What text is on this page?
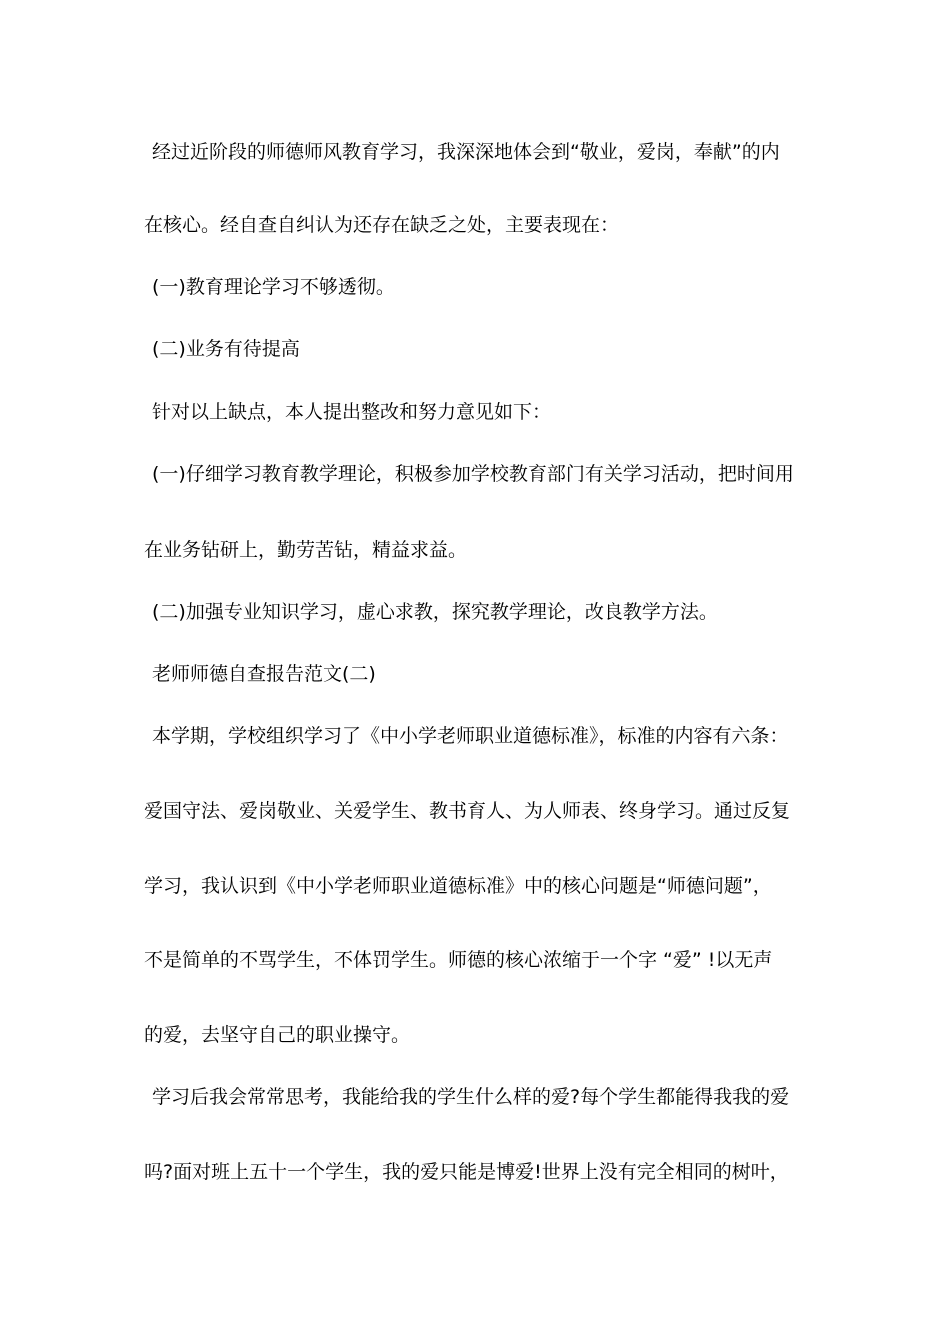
经过近阶段的师德师风教育学习，我深深地体会到“敬业，爱岗，奉献”的内
在核心。经自查自纠认为还存在缺乏之处，主要表现在：
(一)教育理论学习不够透彻。
(二)业务有待提高
针对以上缺点，本人提出整改和努力意见如下：
(一)仔细学习教育教学理论，积极参加学校教育部门有关学习活动，把时间用
在业务钻研上，勤劳苦钻，精益求益。
(二)加强专业知识学习，虚心求教，探究教学理论，改良教学方法。
老师师德自查报告范文(二)
本学期，学校组织学习了《中小学老师职业道德标准》，标准的内容有六条：
爱国守法、爱岗敬业、关爱学生、教书育人、为人师表、终身学习。通过反复
学习，我认识到《中小学老师职业道德标准》中的核心问题是“师德问题”，
不是简单的不骂学生，不体罚学生。师德的核心浓缩于一个字 “爱” !以无声
的爱，去坚守自己的职业操守。
学习后我会常常思考，我能给我的学生什么样的爱?每个学生都能得我我的爱
吗?面对班上五十一个学生，我的爱只能是博爱!世界上没有完全相同的树叶，
